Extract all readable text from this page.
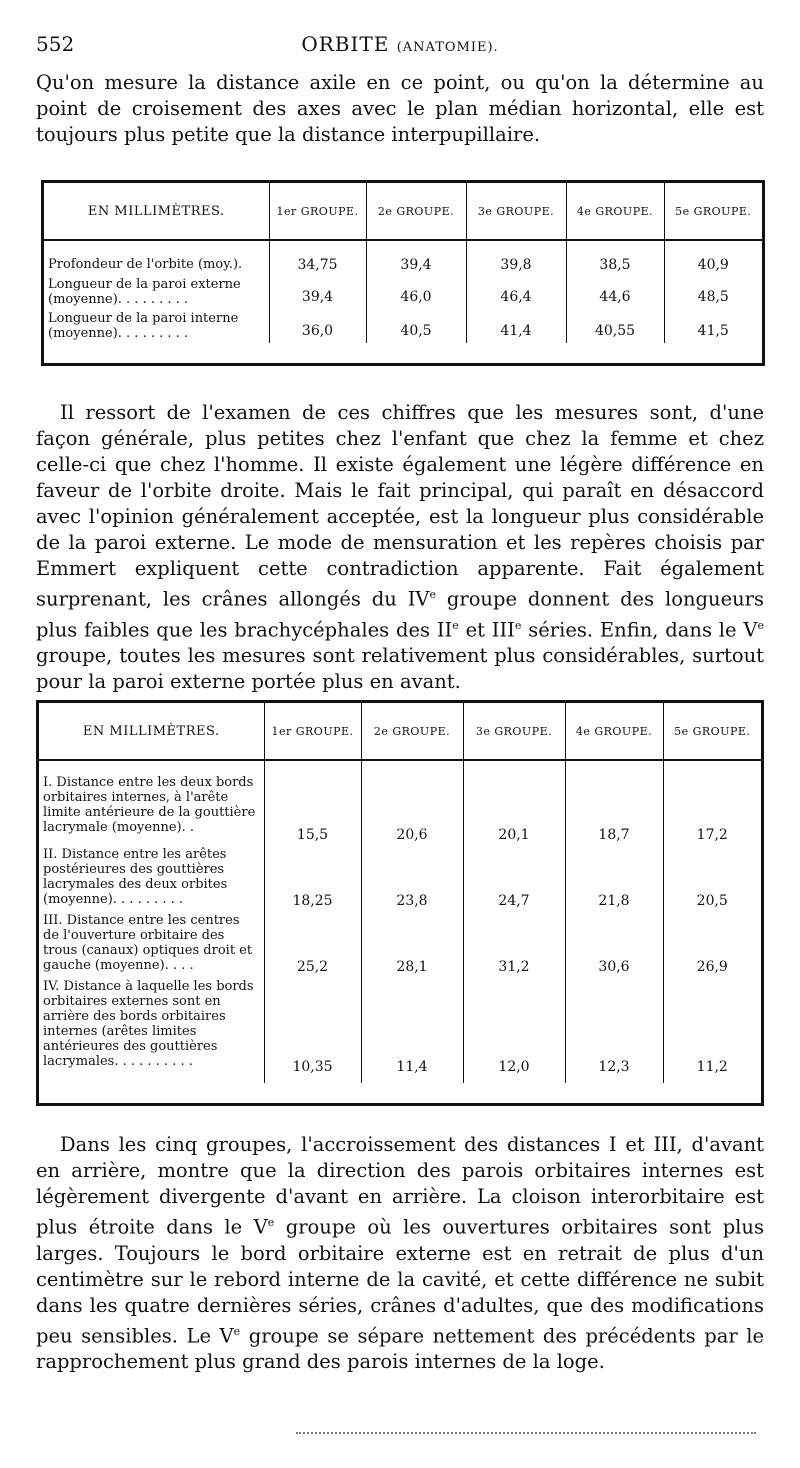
552	ORBITE (ANATOMIE).

Qu'on mesure la distance axile en ce point, ou qu'on la détermine au point de croisement des axes avec le plan médian horizontal, elle est toujours plus petite que la distance interpupillaire.

EN MILLIMÈTRES.	1er GROUPE.	2e GROUPE.	3e GROUPE.	4e GROUPE.	5e GROUPE.
Profondeur de l'orbite (moy.).	34,75	39,4	39,8	38,5	40,9
Longueur de la paroi externe (moyenne). . . . . . . . .	39,4	46,0	46,4	44,6	48,5
Longueur de la paroi interne (moyenne). . . . . . . . .	36,0	40,5	41,4	40,55	41,5

Il ressort de l'examen de ces chiffres que les mesures sont, d'une façon générale, plus petites chez l'enfant que chez la femme et chez celle-ci que chez l'homme. Il existe également une légère différence en faveur de l'orbite droite. Mais le fait principal, qui paraît en désaccord avec l'opinion généralement acceptée, est la longueur plus considérable de la paroi externe. Le mode de mensuration et les repères choisis par Emmert expliquent cette contradiction apparente. Fait également surprenant, les crânes allongés du IVe groupe donnent des longueurs plus faibles que les brachycéphales des IIe et IIIe séries. Enfin, dans le Ve groupe, toutes les mesures sont relativement plus considérables, surtout pour la paroi externe portée plus en avant.

EN MILLIMÈTRES.	1er GROUPE.	2e GROUPE.	3e GROUPE.	4e GROUPE.	5e GROUPE.
I. Distance entre les deux bords orbitaires internes, à l'arête limite antérieure de la gouttière lacrymale (moyenne). .	15,5	20,6	20,1	18,7	17,2
II. Distance entre les arêtes postérieures des gouttières lacrymales des deux orbites (moyenne). . . . . . . . .	18,25	23,8	24,7	21,8	20,5
III. Distance entre les centres de l'ouverture orbitaire des trous (canaux) optiques droit et gauche (moyenne). . . .	25,2	28,1	31,2	30,6	26,9
IV. Distance à laquelle les bords orbitaires externes sont en arrière des bords orbitaires internes (arêtes limites antérieures des gouttières lacrymales. . . . . . . . . .	10,35	11,4	12,0	12,3	11,2

Dans les cinq groupes, l'accroissement des distances I et III, d'avant en arrière, montre que la direction des parois orbitaires internes est légèrement divergente d'avant en arrière. La cloison interorbitaire est plus étroite dans le Ve groupe où les ouvertures orbitaires sont plus larges. Toujours le bord orbitaire externe est en retrait de plus d'un centimètre sur le rebord interne de la cavité, et cette différence ne subit dans les quatre dernières séries, crânes d'adultes, que des modifications peu sensibles. Le Ve groupe se sépare nettement des précédents par le rapprochement plus grand des parois internes de la loge.
